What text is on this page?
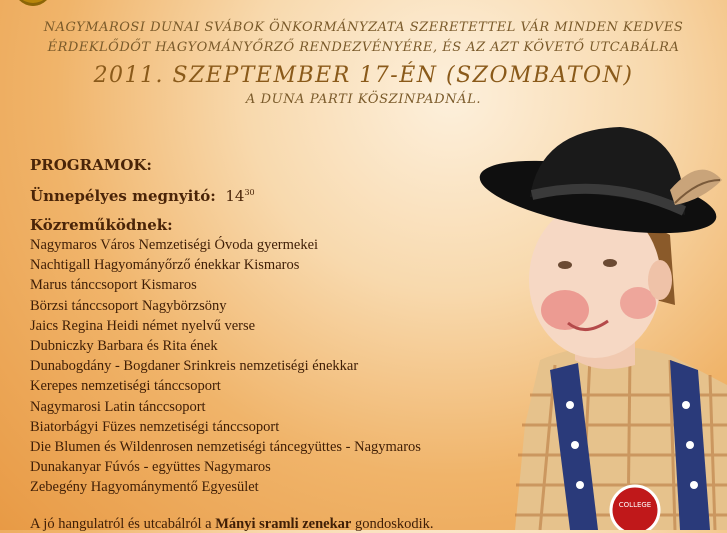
NAGYMAROSI DUNAI SVÁBOK ÖNKORMÁNYZATA SZERETETTEL VÁR MINDEN KEDVES
ÉRDEKLŐDŐT HAGYOMÁNYŐRZŐ RENDEZVÉNYÉRE, ÉS AZ AZT KÖVETŐ UTCABÁLRA
2011. SZEPTEMBER 17-ÉN (SZOMBATON)
A DUNA PARTI KÖSZINPADNÁL.
PROGRAMOK:
Ünnepélyes megnyitó: $14^{30}$
Közreműködnek:
Nagymaros Város Nemzetiségi Óvoda gyermekei
Nachtigall Hagyományőrző énekkar Kismaros
Marus tánccsoport Kismaros
Börzsi tánccsoport Nagybörzsöny
Jaics Regina Heidi német nyelvű verse
Dubniczky Barbara és Rita ének
Dunabogdány - Bogdaner Srinkreis nemzetiségi énekkar
Kerepes nemzetiségi tánccsoport
Nagymarosi Latin tánccsoport
Biatorbágyi Füzes nemzetiségi tánccsoport
Die Blumen és Wildenrosen nemzetiségi táncegyüttes - Nagymaros
Dunakanyar Fúvós - együttes Nagymaros
Zebegény Hagyománymentő Egyesület
A jó hangulatról és utcabálról a Mányi sramli zenekar gondoskodik.
COLLEGE
